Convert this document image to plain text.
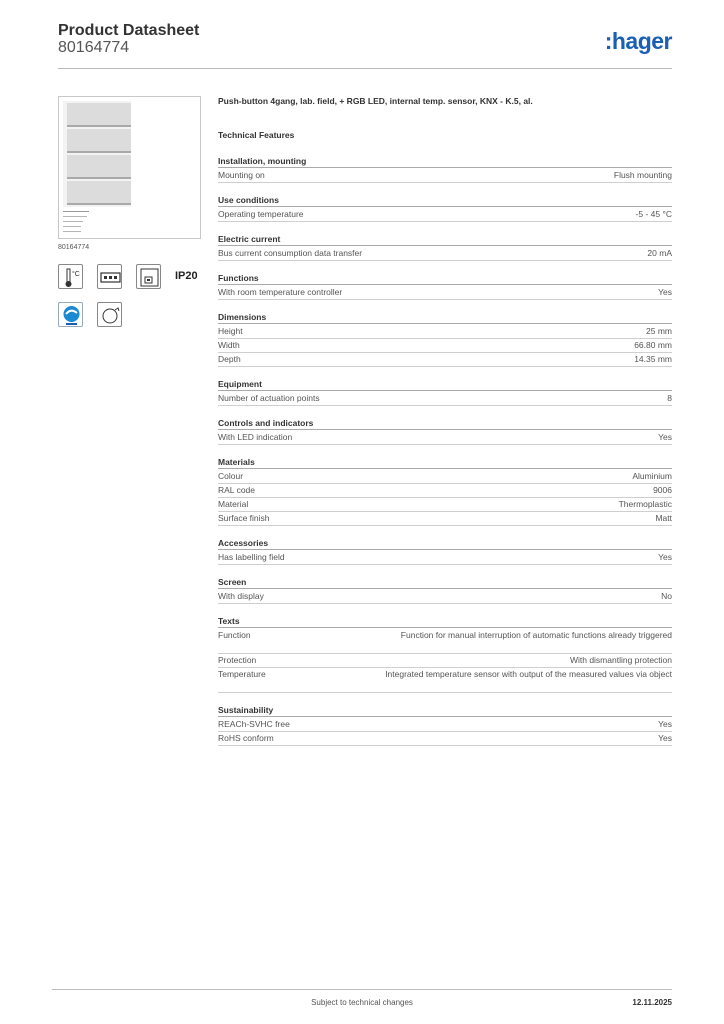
Product Datasheet
80164774	:hager
80164774
°C	IP20
Push-button 4gang, lab. field, + RGB LED, internal temp. sensor, KNX - K.5, al.
Technical Features
Installation, mounting
Mounting on	Flush mounting
Use conditions
Operating temperature	-5 - 45 °C
Electric current
Bus current consumption data transfer	20 mA
Functions
With room temperature controller	Yes
Dimensions
Height	25 mm
Width	66.80 mm
Depth	14.35 mm
Equipment
Number of actuation points	8
Controls and indicators
With LED indication	Yes
Materials
Colour	Aluminium
RAL code	9006
Material	Thermoplastic
Surface finish	Matt
Accessories
Has labelling field	Yes
Screen
With display	No
Texts
Function	Function for manual interruption of automatic functions already triggered
Protection	With dismantling protection
Temperature	Integrated temperature sensor with output of the measured values via object
Sustainability
REACh-SVHC free	Yes
RoHS conform	Yes
Subject to technical changes	12.11.2025
